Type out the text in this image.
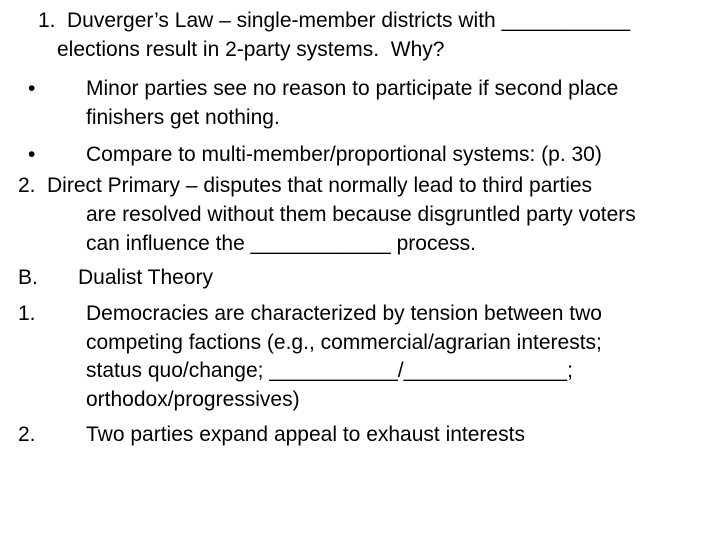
1. Duverger’s Law – single-member districts with ___________
elections result in 2-party systems.  Why?
• Minor parties see no reason to participate if second place
finishers get nothing.
• Compare to multi-member/proportional systems: (p. 30)
2. Direct Primary – disputes that normally lead to third parties
are resolved without them because disgruntled party voters
can influence the ____________ process.
B. Dualist Theory
1. Democracies are characterized by tension between two
competing factions (e.g., commercial/agrarian interests;
status quo/change; ___________/______________;
orthodox/progressives)
2. Two parties expand appeal to exhaust interests
